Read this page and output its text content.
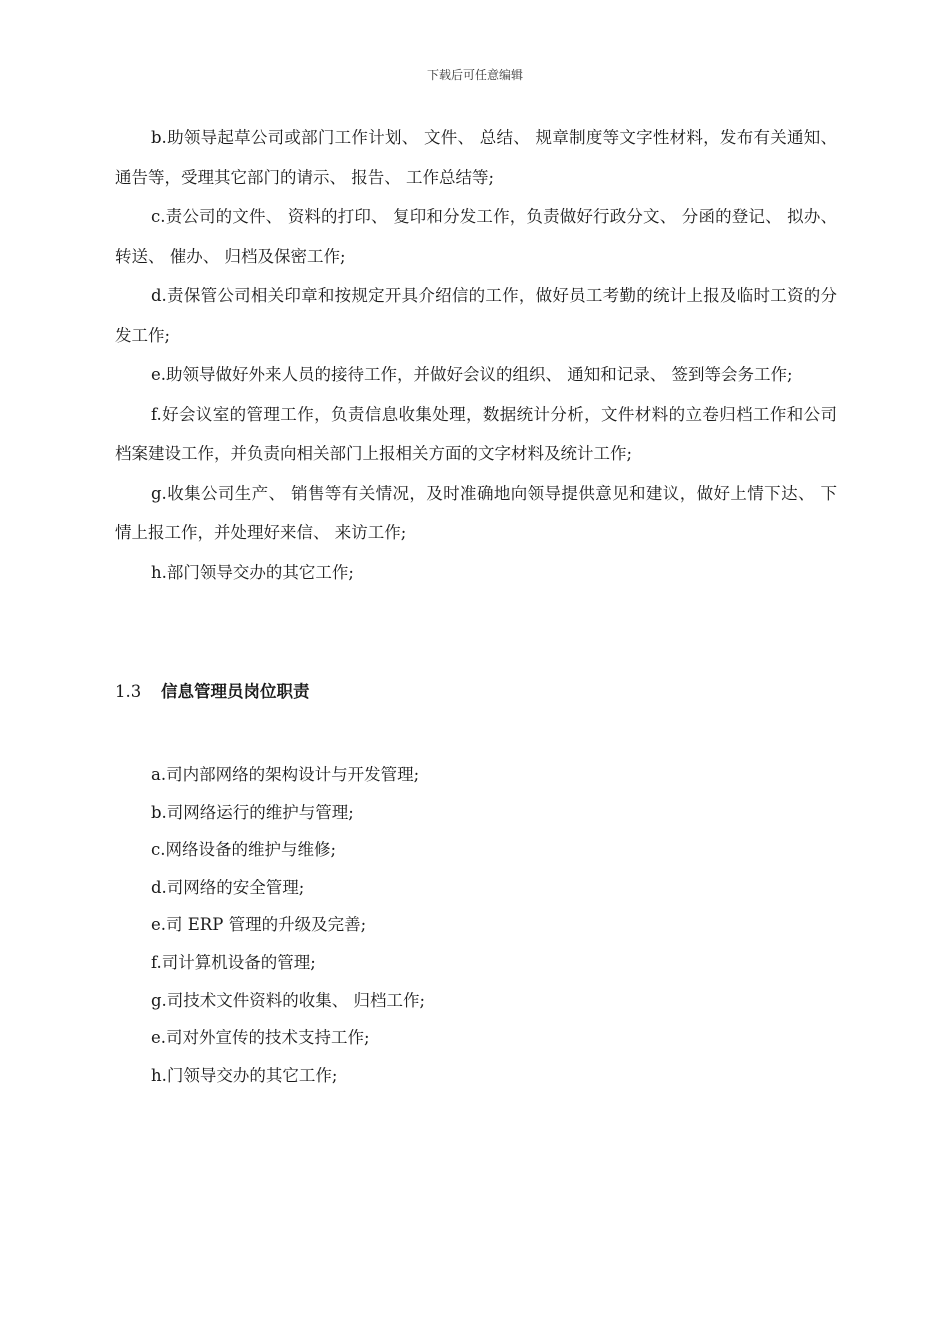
下载后可任意编辑

b.助领导起草公司或部门工作计划、 文件、 总结、 规章制度等文字性材料，发布有关通知、 通告等，受理其它部门的请示、 报告、 工作总结等;

c.责公司的文件、 资料的打印、 复印和分发工作，负责做好行政分文、 分函的登记、 拟办、 转送、 催办、 归档及保密工作;

d.责保管公司相关印章和按规定开具介绍信的工作，做好员工考勤的统计上报及临时工资的分发工作;

e.助领导做好外来人员的接待工作，并做好会议的组织、 通知和记录、 签到等会务工作;

f.好会议室的管理工作，负责信息收集处理，数据统计分析，文件材料的立卷归档工作和公司档案建设工作，并负责向相关部门上报相关方面的文字材料及统计工作;

g.收集公司生产、 销售等有关情况，及时准确地向领导提供意见和建议，做好上情下达、 下情上报工作，并处理好来信、 来访工作;

h.部门领导交办的其它工作;

1.3 信息管理员岗位职责
a.司内部网络的架构设计与开发管理;
b.司网络运行的维护与管理;
c.网络设备的维护与维修;
d.司网络的安全管理;
e.司 ERP 管理的升级及完善;
f.司计算机设备的管理;
g.司技术文件资料的收集、 归档工作;
e.司对外宣传的技术支持工作;
h.门领导交办的其它工作;
